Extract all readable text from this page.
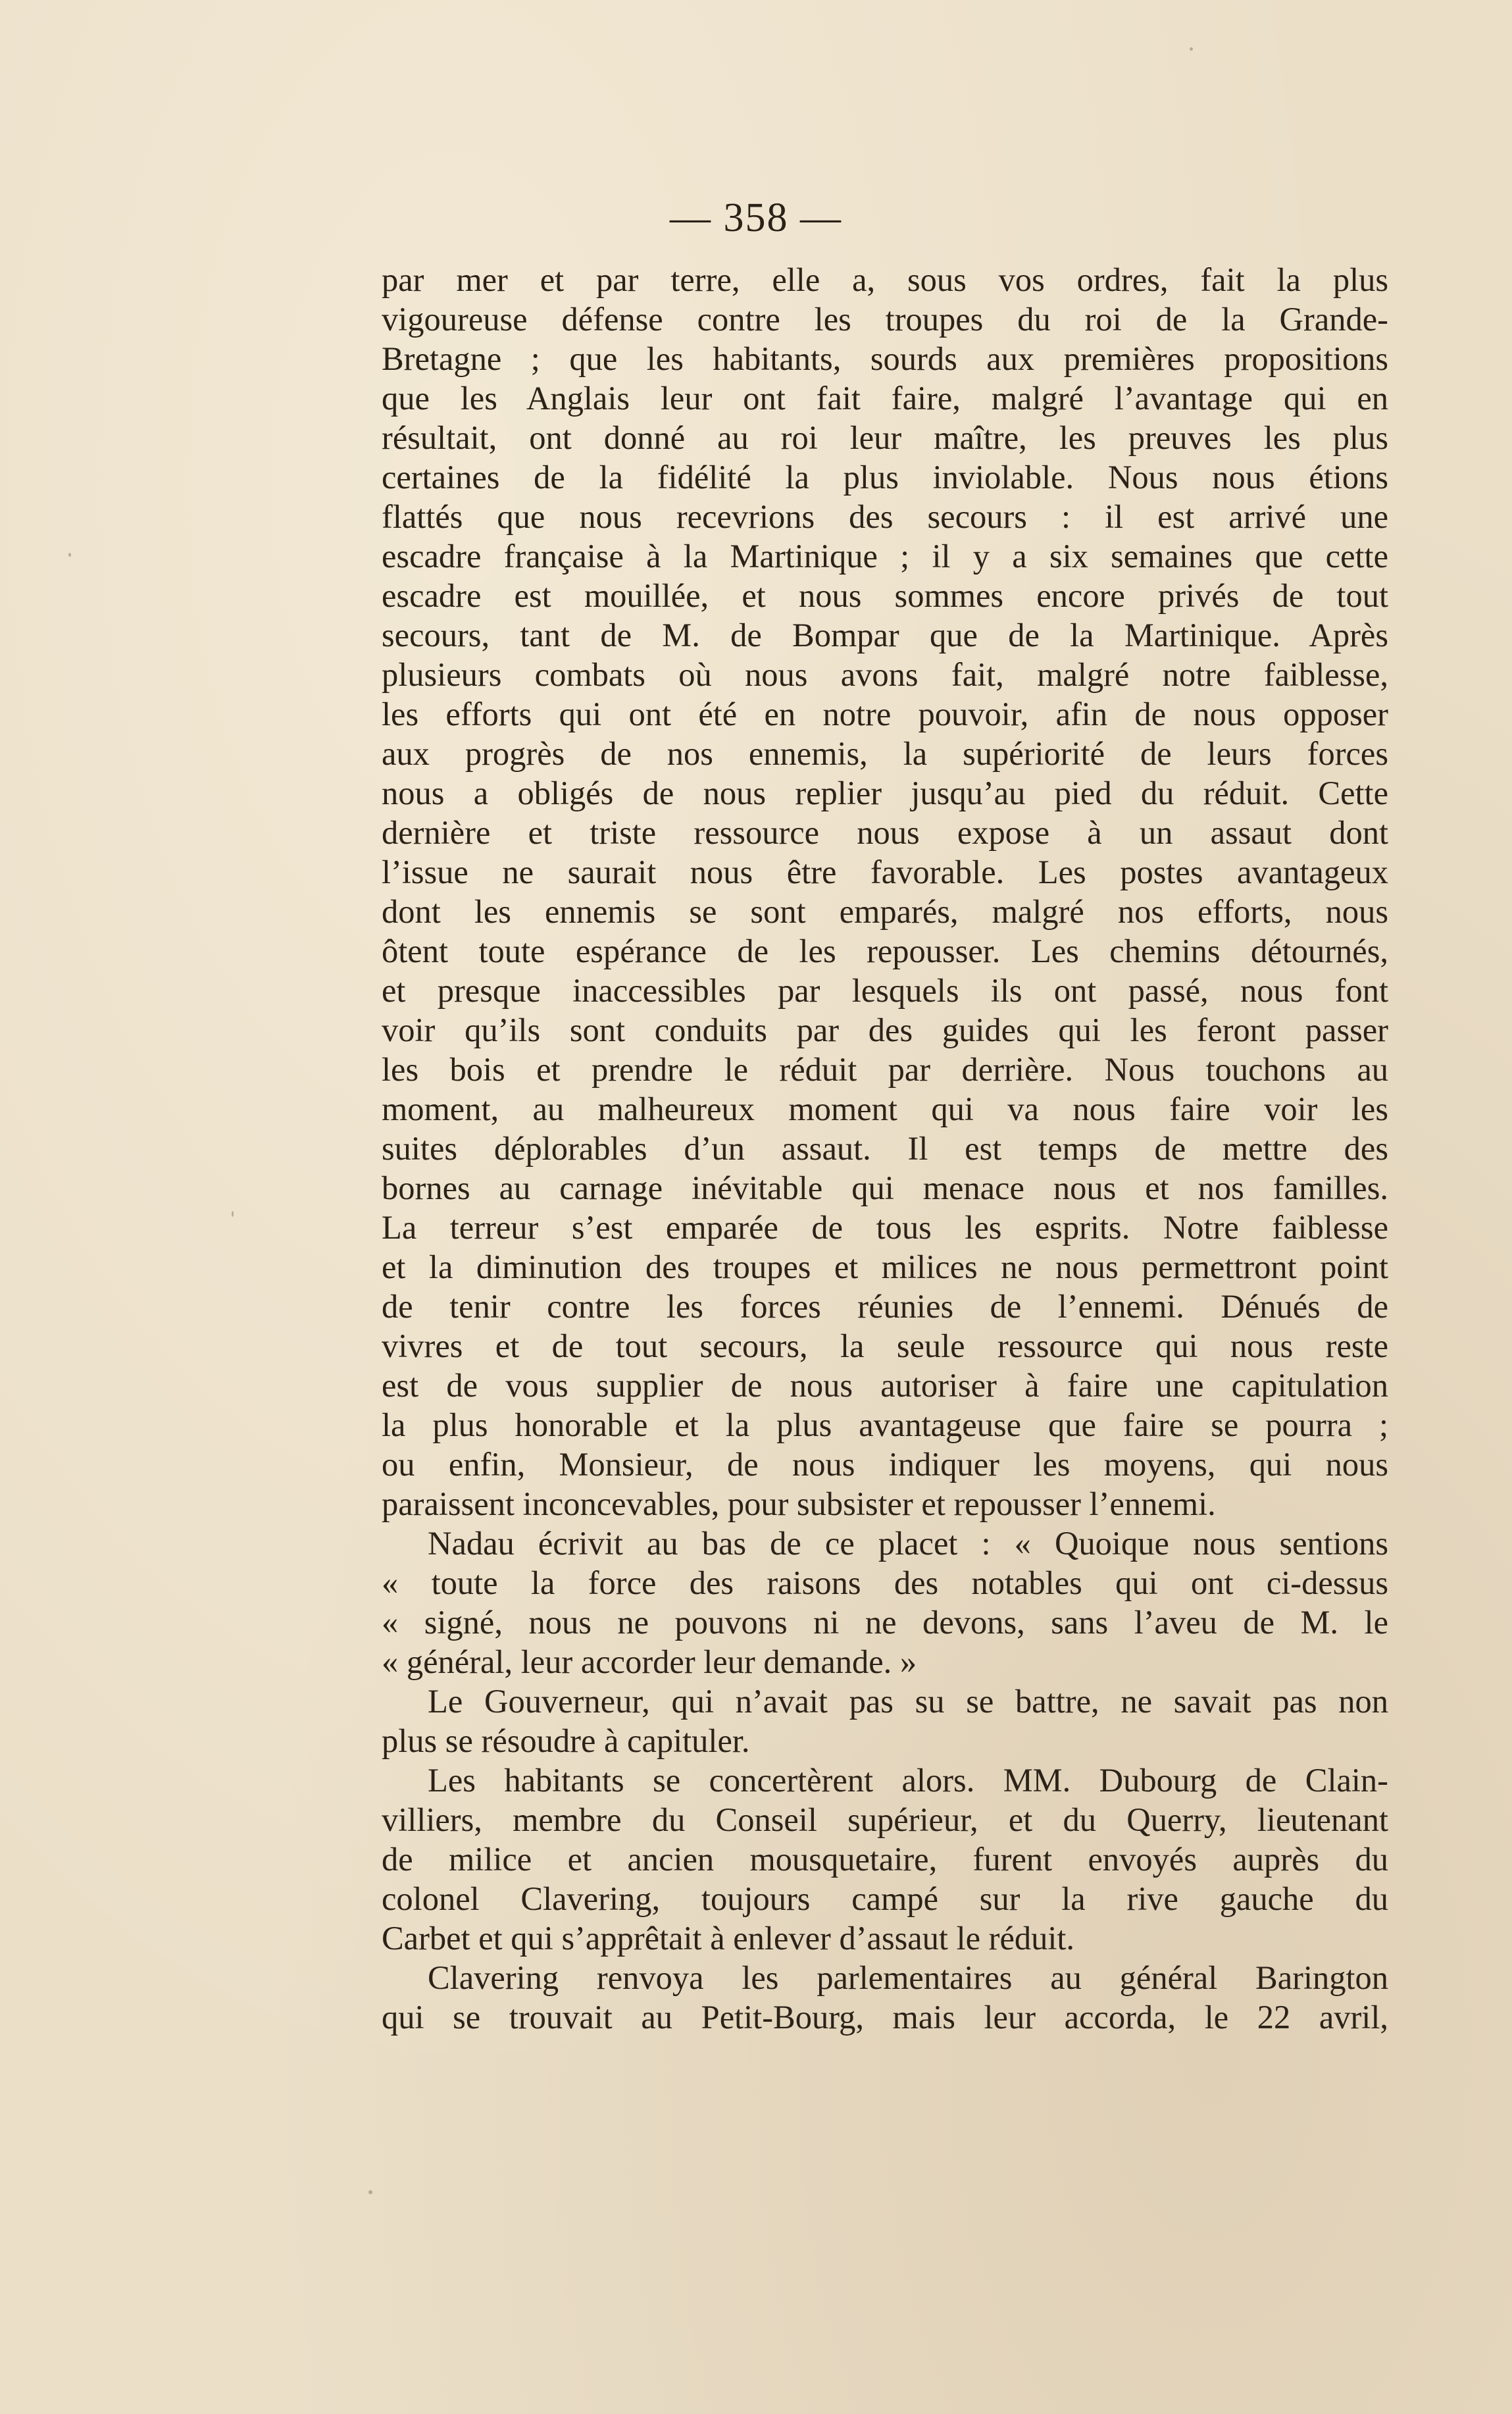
— 358 —
par mer et par terre, elle a, sous vos ordres, fait la plus
vigoureuse défense contre les troupes du roi de la Grande-
Bretagne ; que les habitants, sourds aux premières propositions
que les Anglais leur ont fait faire, malgré l’avantage qui en
résultait, ont donné au roi leur maître, les preuves les plus
certaines de la fidélité la plus inviolable. Nous nous étions
flattés que nous recevrions des secours : il est arrivé une
escadre française à la Martinique ; il y a six semaines que cette
escadre est mouillée, et nous sommes encore privés de tout
secours, tant de M. de Bompar que de la Martinique. Après
plusieurs combats où nous avons fait, malgré notre faiblesse,
les efforts qui ont été en notre pouvoir, afin de nous opposer
aux progrès de nos ennemis, la supériorité de leurs forces
nous a obligés de nous replier jusqu’au pied du réduit. Cette
dernière et triste ressource nous expose à un assaut dont
l’issue ne saurait nous être favorable. Les postes avantageux
dont les ennemis se sont emparés, malgré nos efforts, nous
ôtent toute espérance de les repousser. Les chemins détournés,
et presque inaccessibles par lesquels ils ont passé, nous font
voir qu’ils sont conduits par des guides qui les feront passer
les bois et prendre le réduit par derrière. Nous touchons au
moment, au malheureux moment qui va nous faire voir les
suites déplorables d’un assaut. Il est temps de mettre des
bornes au carnage inévitable qui menace nous et nos familles.
La terreur s’est emparée de tous les esprits. Notre faiblesse
et la diminution des troupes et milices ne nous permettront point
de tenir contre les forces réunies de l’ennemi. Dénués de
vivres et de tout secours, la seule ressource qui nous reste
est de vous supplier de nous autoriser à faire une capitulation
la plus honorable et la plus avantageuse que faire se pourra ;
ou enfin, Monsieur, de nous indiquer les moyens, qui nous
paraissent inconcevables, pour subsister et repousser l’ennemi.
Nadau écrivit au bas de ce placet : « Quoique nous sentions
« toute la force des raisons des notables qui ont ci-dessus
« signé, nous ne pouvons ni ne devons, sans l’aveu de M. le
« général, leur accorder leur demande. »
Le Gouverneur, qui n’avait pas su se battre, ne savait pas non
plus se résoudre à capituler.
Les habitants se concertèrent alors. MM. Dubourg de Clain-
villiers, membre du Conseil supérieur, et du Querry, lieutenant
de milice et ancien mousquetaire, furent envoyés auprès du
colonel Clavering, toujours campé sur la rive gauche du
Carbet et qui s’apprêtait à enlever d’assaut le réduit.
Clavering renvoya les parlementaires au général Barington
qui se trouvait au Petit-Bourg, mais leur accorda, le 22 avril,
